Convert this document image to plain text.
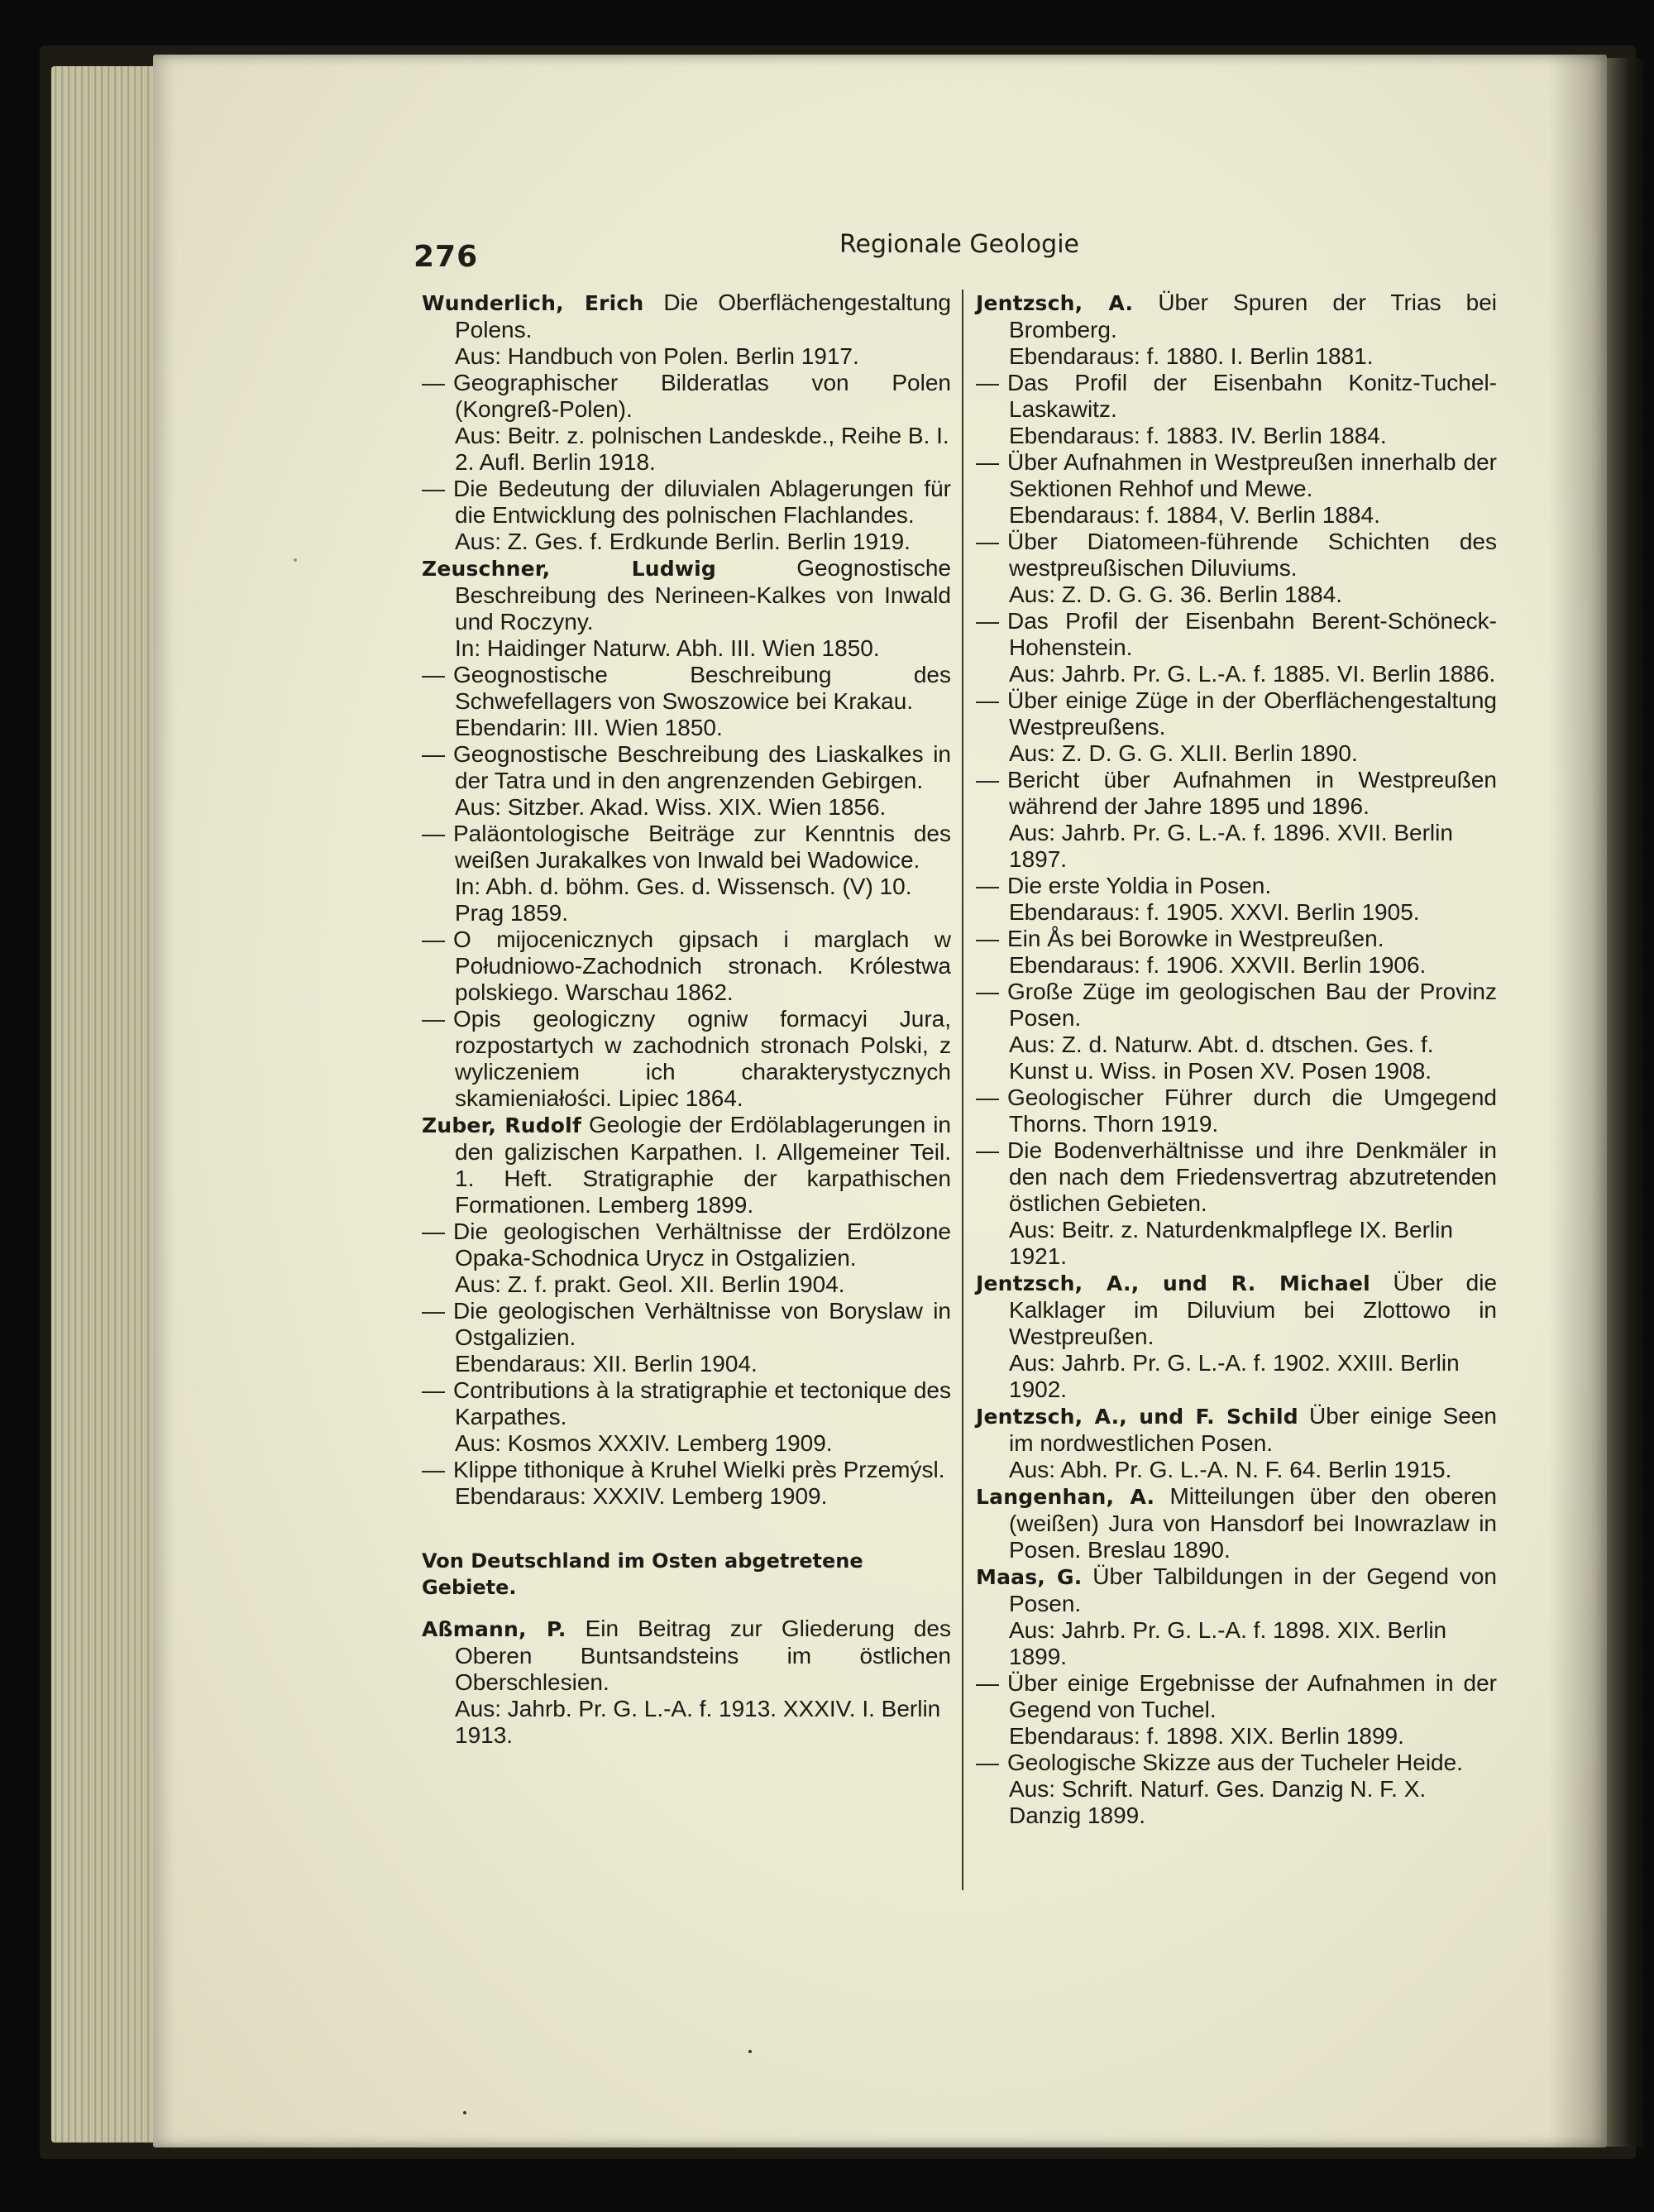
276	Regionale Geologie

Wunderlich, Erich Die Oberflächengestaltung Polens.

Aus: Handbuch von Polen. Berlin 1917.

— Geographischer Bilderatlas von Polen (Kongreß-Polen).

Aus: Beitr. z. polnischen Landeskde., Reihe B. I. 2. Aufl. Berlin 1918.

— Die Bedeutung der diluvialen Ablagerungen für die Entwicklung des polnischen Flachlandes.

Aus: Z. Ges. f. Erdkunde Berlin. Berlin 1919.

Zeuschner, Ludwig	Geognostische Beschreibung des Nerineen-Kalkes von Inwald und Roczyny.

In: Haidinger Naturw. Abh. III. Wien 1850.

— Geognostische Beschreibung des Schwefellagers von Swoszowice bei Krakau.

Ebendarin: III. Wien 1850.

— Geognostische Beschreibung des Liaskalkes in der Tatra und in den angrenzenden Gebirgen.

Aus: Sitzber. Akad. Wiss. XIX. Wien 1856.

— Paläontologische Beiträge zur Kenntnis des weißen Jurakalkes von Inwald bei Wadowice.

In: Abh. d. böhm. Ges. d. Wissensch. (V) 10. Prag 1859.

— O mijocenicznych gipsach i marglach w Południowo-Zachodnich stronach. Królestwa polskiego. Warschau 1862.

— Opis geologiczny ogniw formacyi Jura, rozpostartych w zachodnich stronach Polski, z wyliczeniem ich charakterystycznych skamieniałości. Lipiec 1864.

Zuber, Rudolf Geologie der Erdölablagerungen in den galizischen Karpathen. I. Allgemeiner Teil. 1. Heft. Stratigraphie der karpathischen Formationen. Lemberg 1899.

— Die geologischen Verhältnisse der Erdölzone Opaka-Schodnica Urycz in Ostgalizien.

Aus: Z. f. prakt. Geol. XII. Berlin 1904.

— Die geologischen Verhältnisse von Boryslaw in Ostgalizien.

Ebendaraus: XII. Berlin 1904.

— Contributions à la stratigraphie et tectonique des Karpathes.

Aus: Kosmos XXXIV. Lemberg 1909.

— Klippe tithonique à Kruhel Wielki près Przemýsl.

Ebendaraus: XXXIV. Lemberg 1909.

Von Deutschland im Osten abgetretene Gebiete.

Aßmann, P. Ein Beitrag zur Gliederung des Oberen Buntsandsteins im östlichen Oberschlesien.

Aus: Jahrb. Pr. G. L.-A. f. 1913. XXXIV. I. Berlin 1913.

Jentzsch, A. Über Spuren der Trias bei Bromberg.

Ebendaraus: f. 1880. I. Berlin 1881.

— Das Profil der Eisenbahn Konitz-Tuchel-Laskawitz.

Ebendaraus: f. 1883. IV. Berlin 1884.

— Über Aufnahmen in Westpreußen innerhalb der Sektionen Rehhof und Mewe.

Ebendaraus: f. 1884, V. Berlin 1884.

— Über Diatomeen-führende Schichten des westpreußischen Diluviums.

Aus: Z. D. G. G. 36. Berlin 1884.

— Das Profil der Eisenbahn Berent-Schöneck-Hohenstein.

Aus: Jahrb. Pr. G. L.-A. f. 1885. VI. Berlin 1886.

— Über einige Züge in der Oberflächengestaltung Westpreußens.

Aus: Z. D. G. G. XLII. Berlin 1890.

— Bericht über Aufnahmen in Westpreußen während der Jahre 1895 und 1896.

Aus: Jahrb. Pr. G. L.-A. f. 1896. XVII. Berlin 1897.

— Die erste Yoldia in Posen.

Ebendaraus: f. 1905. XXVI. Berlin 1905.

— Ein Ås bei Borowke in Westpreußen.

Ebendaraus: f. 1906. XXVII. Berlin 1906.

— Große Züge im geologischen Bau der Provinz Posen.

Aus: Z. d. Naturw. Abt. d. dtschen. Ges. f. Kunst u. Wiss. in Posen XV. Posen 1908.

— Geologischer Führer durch die Umgegend Thorns. Thorn 1919.

— Die Bodenverhältnisse und ihre Denkmäler in den nach dem Friedensvertrag abzutretenden östlichen Gebieten.

Aus: Beitr. z. Naturdenkmalpflege IX. Berlin 1921.

Jentzsch, A., und R. Michael Über die Kalklager im Diluvium bei Zlottowo in Westpreußen.

Aus: Jahrb. Pr. G. L.-A. f. 1902. XXIII. Berlin 1902.

Jentzsch, A., und F. Schild Über einige Seen im nordwestlichen Posen.

Aus: Abh. Pr. G. L.-A. N. F. 64. Berlin 1915.

Langenhan, A. Mitteilungen über den oberen (weißen) Jura von Hansdorf bei Inowrazlaw in Posen. Breslau 1890.

Maas, G. Über Talbildungen in der Gegend von Posen.

Aus: Jahrb. Pr. G. L.-A. f. 1898. XIX. Berlin 1899.

— Über einige Ergebnisse der Aufnahmen in der Gegend von Tuchel.

Ebendaraus: f. 1898. XIX. Berlin 1899.

— Geologische Skizze aus der Tucheler Heide.

Aus: Schrift. Naturf. Ges. Danzig N. F. X. Danzig 1899.
